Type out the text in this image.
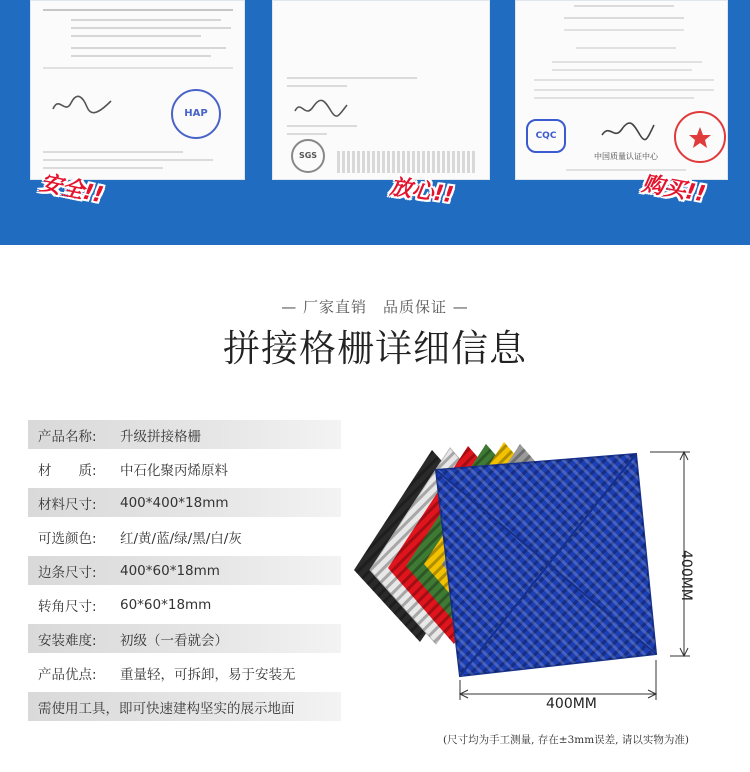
HAP
SGS
CQC
中国质量认证中心
安全!!	放心!!	购买!!
— 厂家直销　品质保证 —
拼接格栅详细信息
产品名称:	升级拼接格栅
材　　质:	中石化聚丙烯原料
材料尺寸:	400*400*18mm
可选颜色:	红/黄/蓝/绿/黑/白/灰
边条尺寸:	400*60*18mm
转角尺寸:	60*60*18mm
安装难度:	初级（一看就会）
产品优点:	重量轻，可拆卸，易于安装无
需使用工具，即可快速建构坚实的展示地面
400MM
400MM
(尺寸均为手工测量, 存在±3mm误差, 请以实物为准)
